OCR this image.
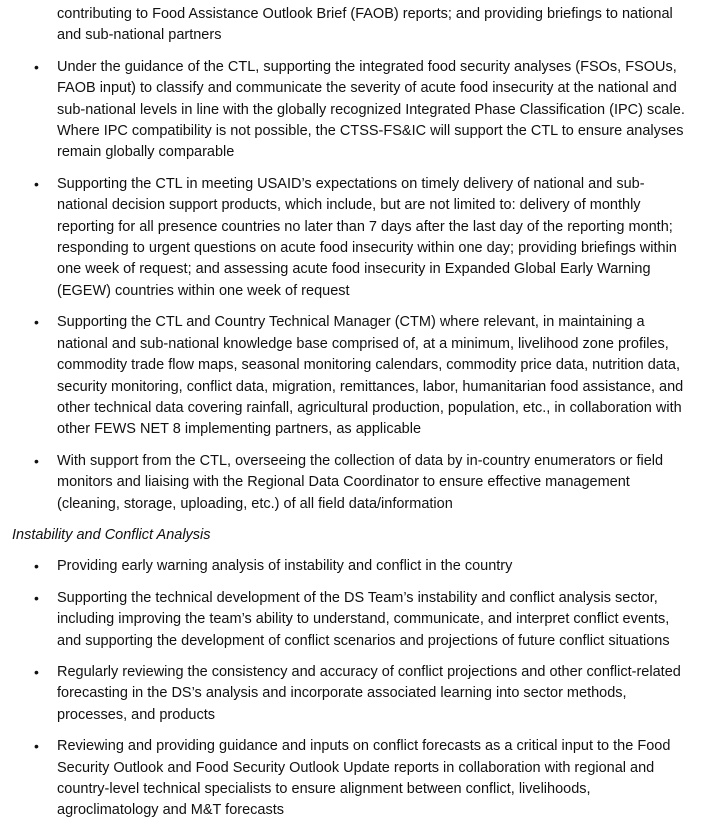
contributing to Food Assistance Outlook Brief (FAOB) reports; and providing briefings to national and sub-national partners

• Under the guidance of the CTL, supporting the integrated food security analyses (FSOs, FSOUs, FAOB input) to classify and communicate the severity of acute food insecurity at the national and sub-national levels in line with the globally recognized Integrated Phase Classification (IPC) scale. Where IPC compatibility is not possible, the CTSS-FS&IC will support the CTL to ensure analyses remain globally comparable
• Supporting the CTL in meeting USAID’s expectations on timely delivery of national and sub-national decision support products, which include, but are not limited to: delivery of monthly reporting for all presence countries no later than 7 days after the last day of the reporting month; responding to urgent questions on acute food insecurity within one day; providing briefings within one week of request; and assessing acute food insecurity in Expanded Global Early Warning (EGEW) countries within one week of request
• Supporting the CTL and Country Technical Manager (CTM) where relevant, in maintaining a national and sub-national knowledge base comprised of, at a minimum, livelihood zone profiles, commodity trade flow maps, seasonal monitoring calendars, commodity price data, nutrition data, security monitoring, conflict data, migration, remittances, labor, humanitarian food assistance, and other technical data covering rainfall, agricultural production, population, etc., in collaboration with other FEWS NET 8 implementing partners, as applicable
• With support from the CTL, overseeing the collection of data by in-country enumerators or field monitors and liaising with the Regional Data Coordinator to ensure effective management (cleaning, storage, uploading, etc.) of all field data/information

Instability and Conflict Analysis

• Providing early warning analysis of instability and conflict in the country
• Supporting the technical development of the DS Team’s instability and conflict analysis sector, including improving the team’s ability to understand, communicate, and interpret conflict events, and supporting the development of conflict scenarios and projections of future conflict situations
• Regularly reviewing the consistency and accuracy of conflict projections and other conflict-related forecasting in the DS’s analysis and incorporate associated learning into sector methods, processes, and products
• Reviewing and providing guidance and inputs on conflict forecasts as a critical input to the Food Security Outlook and Food Security Outlook Update reports in collaboration with regional and country-level technical specialists to ensure alignment between conflict, livelihoods, agroclimatology and M&T forecasts
